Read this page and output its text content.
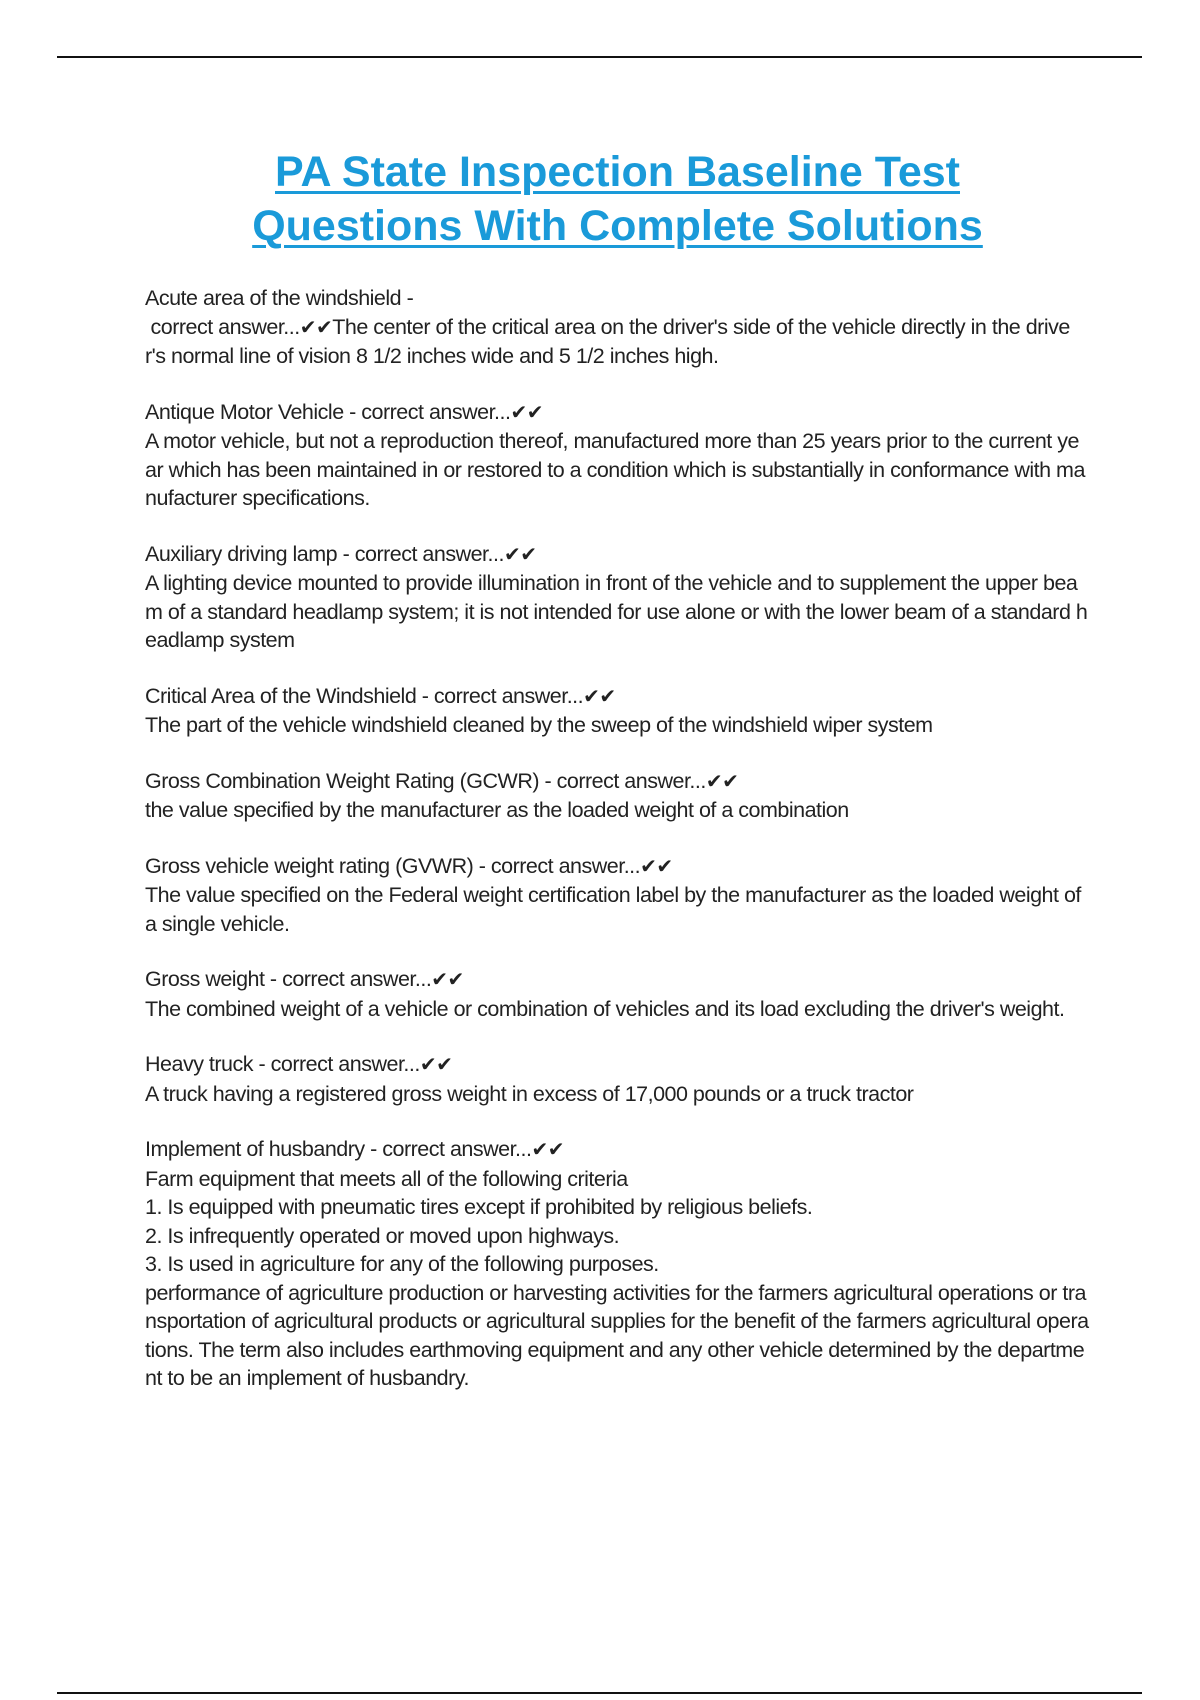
PA State Inspection Baseline Test
Questions With Complete Solutions

Acute area of the windshield -

correct answer...✔✔The center of the critical area on the driver's side of the vehicle directly in the driver's normal line of vision 8 1/2 inches wide and 5 1/2 inches high.

Antique Motor Vehicle - correct answer...✔✔

A motor vehicle, but not a reproduction thereof, manufactured more than 25 years prior to the current year which has been maintained in or restored to a condition which is substantially in conformance with manufacturer specifications.

Auxiliary driving lamp - correct answer...✔✔

A lighting device mounted to provide illumination in front of the vehicle and to supplement the upper beam of a standard headlamp system; it is not intended for use alone or with the lower beam of a standard headlamp system

Critical Area of the Windshield - correct answer...✔✔

The part of the vehicle windshield cleaned by the sweep of the windshield wiper system

Gross Combination Weight Rating (GCWR) - correct answer...✔✔

the value specified by the manufacturer as the loaded weight of a combination

Gross vehicle weight rating (GVWR) - correct answer...✔✔

The value specified on the Federal weight certification label by the manufacturer as the loaded weight of a single vehicle.

Gross weight - correct answer...✔✔

The combined weight of a vehicle or combination of vehicles and its load excluding the driver's weight.

Heavy truck - correct answer...✔✔

A truck having a registered gross weight in excess of 17,000 pounds or a truck tractor

Implement of husbandry - correct answer...✔✔

Farm equipment that meets all of the following criteria

1. Is equipped with pneumatic tires except if prohibited by religious beliefs.

2. Is infrequently operated or moved upon highways.

3. Is used in agriculture for any of the following purposes.

performance of agriculture production or harvesting activities for the farmers agricultural operations or transportation of agricultural products or agricultural supplies for the benefit of the farmers agricultural operations. The term also includes earthmoving equipment and any other vehicle determined by the department to be an implement of husbandry.
